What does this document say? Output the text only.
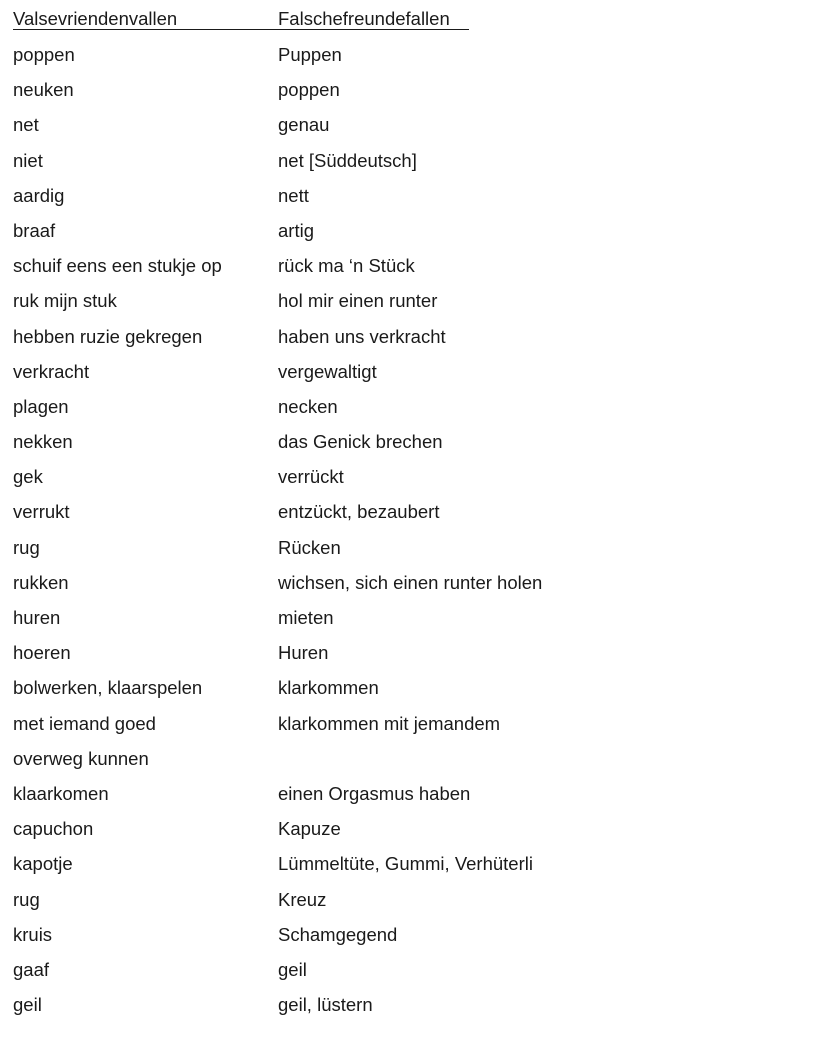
Valsevriendenvallen	Falschefreundefallen
poppen	Puppen
neuken	poppen
net	genau
niet	net [Süddeutsch]
aardig	nett
braaf	artig
schuif eens een stukje op	rück ma ‘n Stück
ruk mijn stuk	hol mir einen runter
hebben ruzie gekregen	haben uns verkracht
verkracht	vergewaltigt
plagen	necken
nekken	das Genick brechen
gek	verrückt
verrukt	entzückt, bezaubert
rug	Rücken
rukken	wichsen, sich einen runter holen
huren	mieten
hoeren	Huren
bolwerken, klaarspelen	klarkommen
met iemand goed	klarkommen mit jemandem
overweg kunnen
klaarkomen	einen Orgasmus haben
capuchon	Kapuze
kapotje	Lümmeltüte, Gummi, Verhüterli
rug	Kreuz
kruis	Schamgegend
gaaf	geil
geil	geil, lüstern
